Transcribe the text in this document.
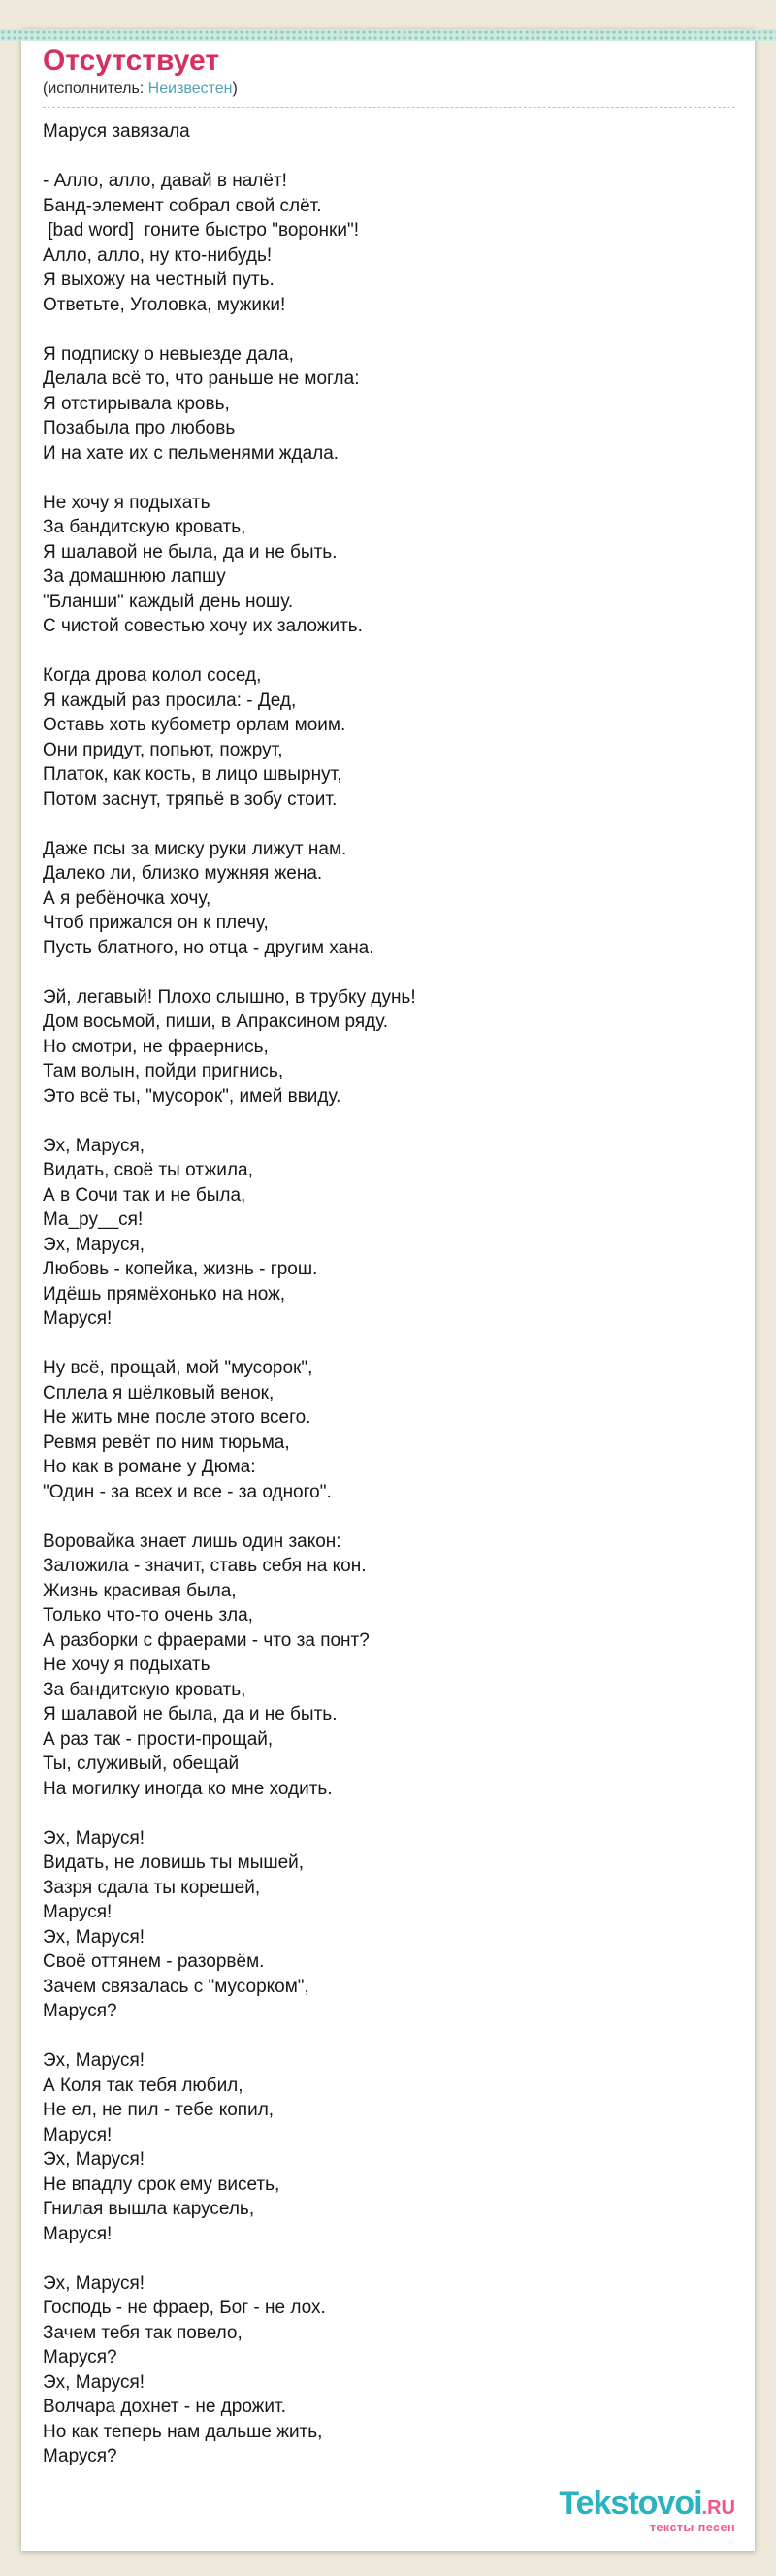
Отсутствует
(исполнитель: Неизвестен)

Маруся завязала

- Алло, алло, давай в налёт!
Банд-элемент собрал свой слёт.
[bad word]  гоните быстро "воронки"!
Алло, алло, ну кто-нибудь!
Я выхожу на честный путь.
Ответьте, Уголовка, мужики!

Я подписку о невыезде дала,
Делала всё то, что раньше не могла:
Я отстирывала кровь,
Позабыла про любовь
И на хате их с пельменями ждала.

Не хочу я подыхать
За бандитскую кровать,
Я шалавой не была, да и не быть.
За домашнюю лапшу
"Бланши" каждый день ношу.
С чистой совестью хочу их заложить.

Когда дрова колол сосед,
Я каждый раз просила: - Дед,
Оставь хоть кубометр орлам моим.
Они придут, попьют, пожрут,
Платок, как кость, в лицо швырнут,
Потом заснут, тряпьё в зобу стоит.

Даже псы за миску руки лижут нам.
Далеко ли, близко мужняя жена.
А я ребёночка хочу,
Чтоб прижался он к плечу,
Пусть блатного, но отца - другим хана.

Эй, легавый! Плохо слышно, в трубку дунь!
Дом восьмой, пиши, в Апраксином ряду.
Но смотри, не фраернись,
Там волын, пойди пригнись,
Это всё ты, "мусорок", имей ввиду.

Эх, Маруся,
Видать, своё ты отжила,
А в Сочи так и не была,
Ма_ру__ся!
Эх, Маруся,
Любовь - копейка, жизнь - грош.
Идёшь прямёхонько на нож,
Маруся!

Ну всё, прощай, мой "мусорок",
Сплела я шёлковый венок,
Не жить мне после этого всего.
Ревмя ревёт по ним тюрьма,
Но как в романе у Дюма:
"Один - за всех и все - за одного".

Воровайка знает лишь один закон:
Заложила - значит, ставь себя на кон.
Жизнь красивая была,
Только что-то очень зла,
А разборки с фраерами - что за понт?
Не хочу я подыхать
За бандитскую кровать,
Я шалавой не была, да и не быть.
А раз так - прости-прощай,
Ты, служивый, обещай
На могилку иногда ко мне ходить.

Эх, Маруся!
Видать, не ловишь ты мышей,
Зазря сдала ты корешей,
Маруся!
Эх, Маруся!
Своё оттянем - разорвём.
Зачем связалась с "мусорком",
Маруся?

Эх, Маруся!
А Коля так тебя любил,
Не ел, не пил - тебе копил,
Маруся!
Эх, Маруся!
Не впадлу срок ему висеть,
Гнилая вышла карусель,
Маруся!

Эх, Маруся!
Господь - не фраер, Бог - не лох.
Зачем тебя так повело,
Маруся?
Эх, Маруся!
Волчара дохнет - не дрожит.
Но как теперь нам дальше жить,
Маруся?

Tekstovoi.RU
тексты песен
